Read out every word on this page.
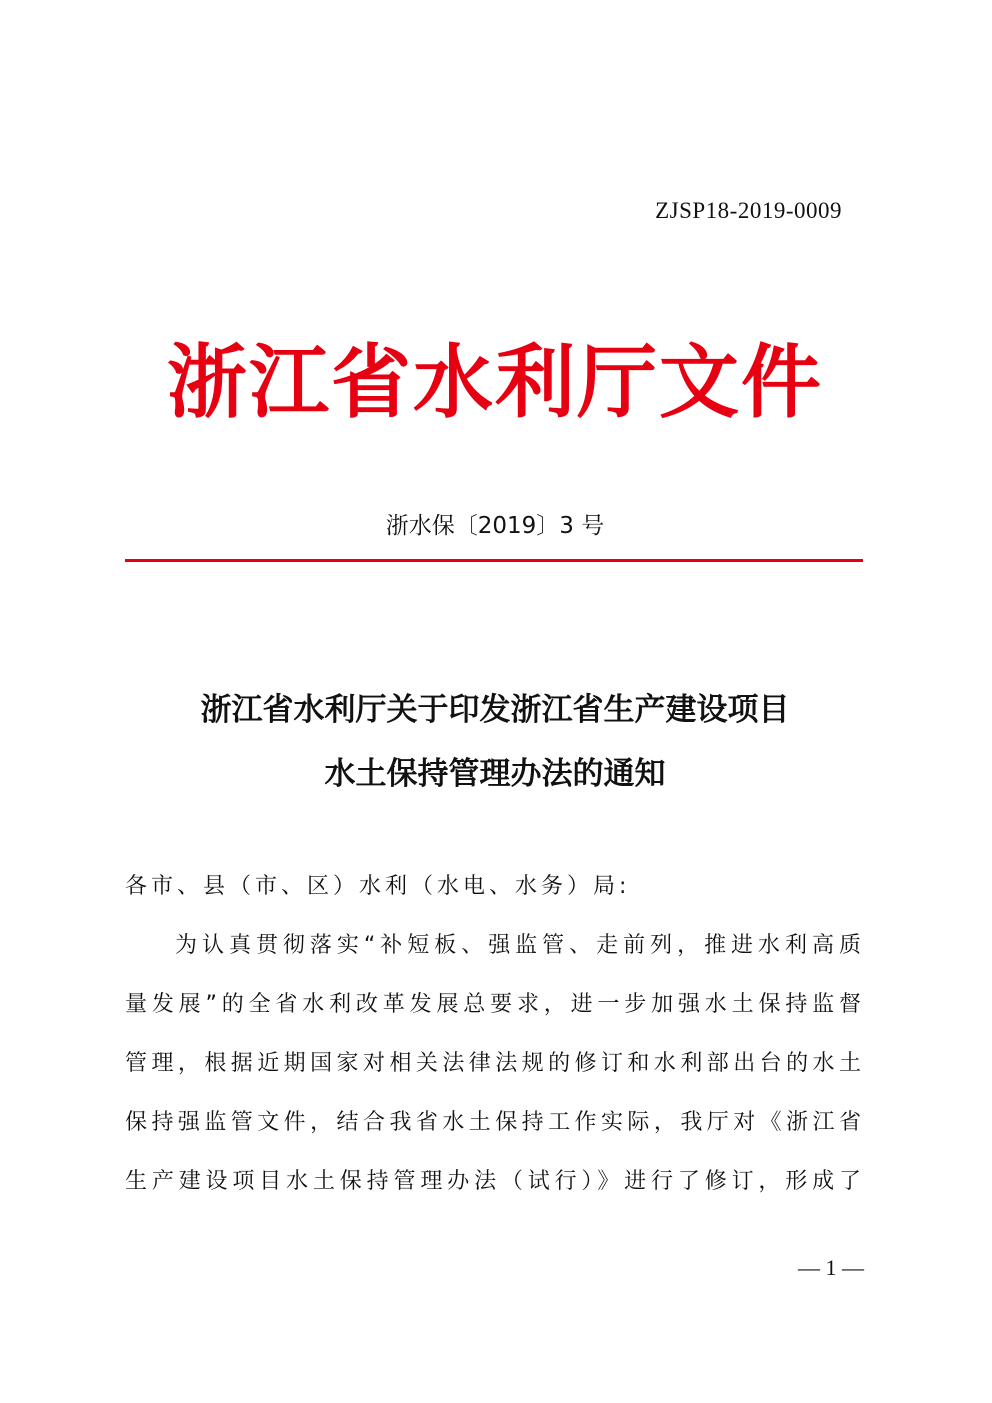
ZJSP18-2019-0009
浙江省水利厅文件
浙水保〔2019〕3 号
浙江省水利厅关于印发浙江省生产建设项目
水土保持管理办法的通知
各市、县（市、区）水利（水电、水务）局:
为认真贯彻落实“补短板、强监管、走前列，推进水利高质
量发展”的全省水利改革发展总要求，进一步加强水土保持监督
管理，根据近期国家对相关法律法规的修订和水利部出台的水土
保持强监管文件，结合我省水土保持工作实际，我厅对《浙江省
生产建设项目水土保持管理办法（试行）》进行了修订，形成了
— 1 —
